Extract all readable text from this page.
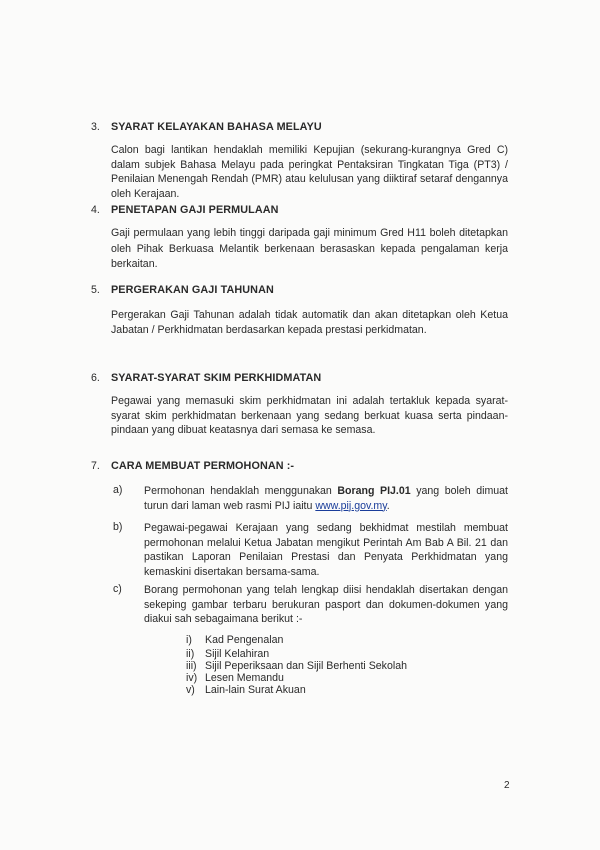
3. SYARAT KELAYAKAN BAHASA MELAYU
Calon bagi lantikan hendaklah memiliki Kepujian (sekurang-kurangnya Gred C) dalam subjek Bahasa Melayu pada peringkat Pentaksiran Tingkatan Tiga (PT3) / Penilaian Menengah Rendah (PMR) atau kelulusan yang diiktiraf setaraf dengannya oleh Kerajaan.
4. PENETAPAN GAJI PERMULAAN
Gaji permulaan yang lebih tinggi daripada gaji minimum Gred H11 boleh ditetapkan oleh Pihak Berkuasa Melantik berkenaan berasaskan kepada pengalaman kerja berkaitan.
5. PERGERAKAN GAJI TAHUNAN
Pergerakan Gaji Tahunan adalah tidak automatik dan akan ditetapkan oleh Ketua Jabatan / Perkhidmatan berdasarkan kepada prestasi perkidmatan.
6. SYARAT-SYARAT SKIM PERKHIDMATAN
Pegawai yang memasuki skim perkhidmatan ini adalah tertakluk kepada syarat-syarat skim perkhidmatan berkenaan yang sedang berkuat kuasa serta pindaan-pindaan yang dibuat keatasnya dari semasa ke semasa.
7. CARA MEMBUAT PERMOHONAN :-
a) Permohonan hendaklah menggunakan Borang PIJ.01 yang boleh dimuat turun dari laman web rasmi PIJ iaitu www.pij.gov.my.
b) Pegawai-pegawai Kerajaan yang sedang bekhidmat mestilah membuat permohonan melalui Ketua Jabatan mengikut Perintah Am Bab A Bil. 21 dan pastikan Laporan Penilaian Prestasi dan Penyata Perkhidmatan yang kemaskini disertakan bersama-sama.
c) Borang permohonan yang telah lengkap diisi hendaklah disertakan dengan sekeping gambar terbaru berukuran pasport dan dokumen-dokumen yang diakui sah sebagaimana berikut :-
i) Kad Pengenalan
ii) Sijil Kelahiran
iii) Sijil Peperiksaan dan Sijil Berhenti Sekolah
iv) Lesen Memandu
v) Lain-lain Surat Akuan
2
